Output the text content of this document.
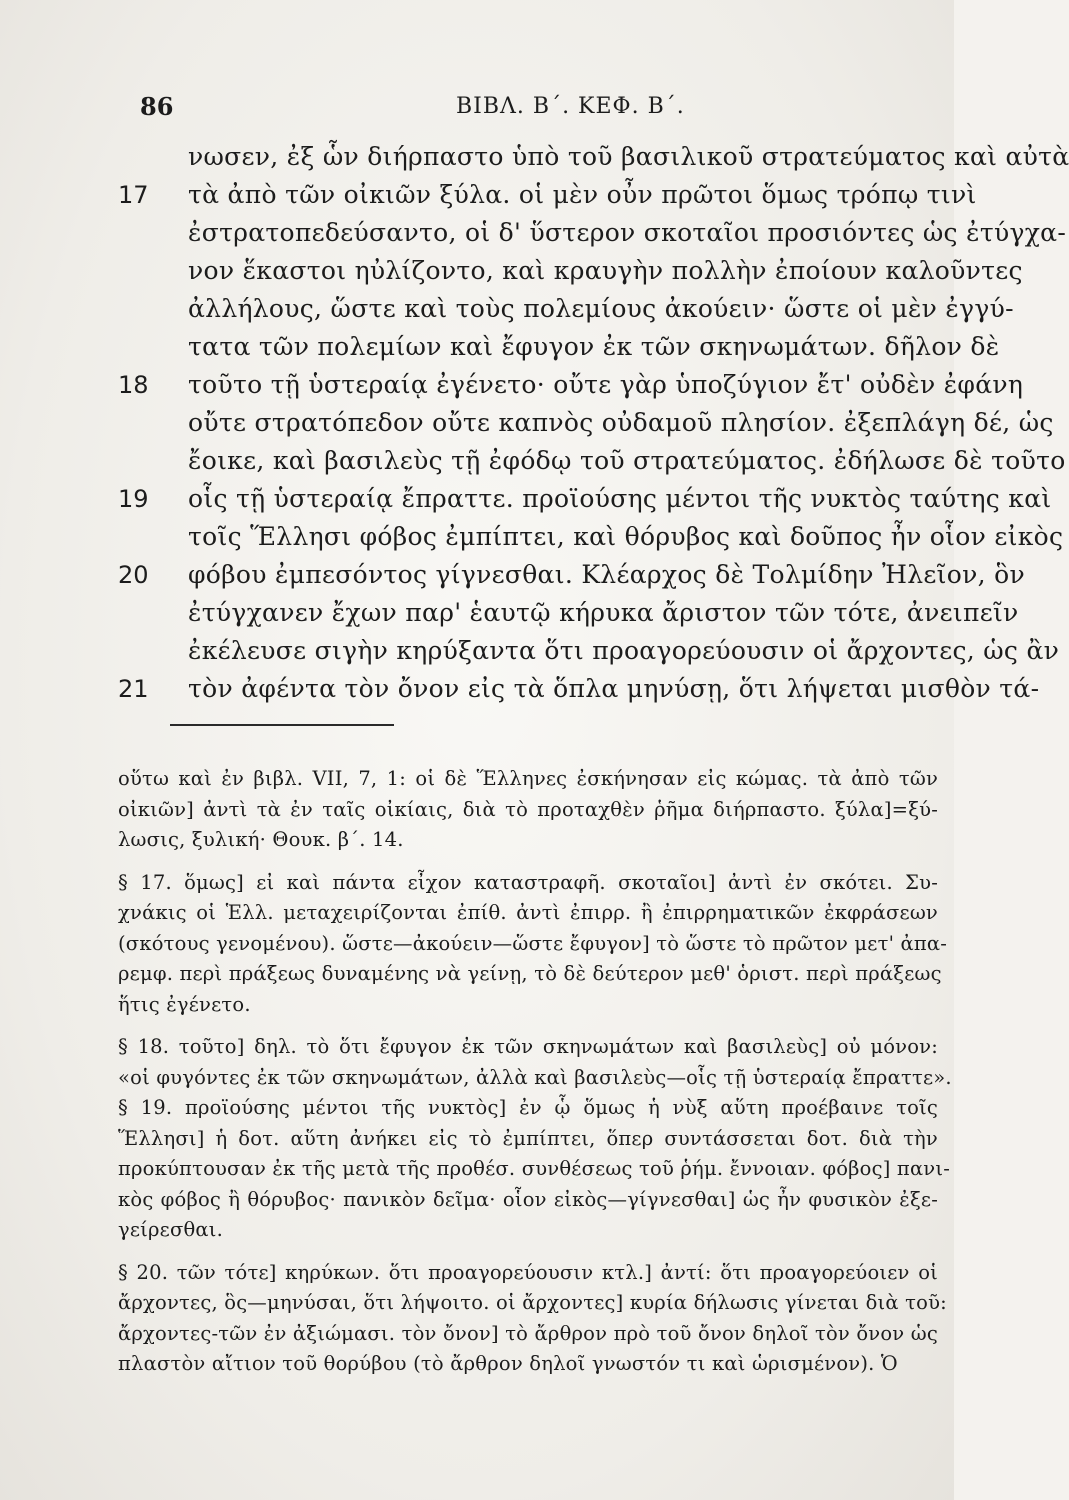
86	ΒΙΒΛ. Β΄. ΚΕΦ. Β΄.
νωσεν, ἐξ ὧν διήρπαστο ὑπὸ τοῦ βασιλικοῦ στρατεύματος καὶ αὐτὰ
17	τὰ ἀπὸ τῶν οἰκιῶν ξύλα. οἱ μὲν οὖν πρῶτοι ὅμως τρόπῳ τινὶ
ἐστρατοπεδεύσαντο, οἱ δ' ὕστερον σκοταῖοι προσιόντες ὡς ἐτύγχα-
νον ἕκαστοι ηὐλίζοντο, καὶ κραυγὴν πολλὴν ἐποίουν καλοῦντες
ἀλλήλους, ὥστε καὶ τοὺς πολεμίους ἀκούειν· ὥστε οἱ μὲν ἐγγύ-
τατα τῶν πολεμίων καὶ ἔφυγον ἐκ τῶν σκηνωμάτων. δῆλον δὲ
18	τοῦτο τῇ ὑστεραίᾳ ἐγένετο· οὔτε γὰρ ὑποζύγιον ἔτ' οὐδὲν ἐφάνη
οὔτε στρατόπεδον οὔτε καπνὸς οὐδαμοῦ πλησίον. ἐξεπλάγη δέ, ὡς
ἔοικε, καὶ βασιλεὺς τῇ ἐφόδῳ τοῦ στρατεύματος. ἐδήλωσε δὲ τοῦτο
19	οἷς τῇ ὑστεραίᾳ ἔπραττε. προϊούσης μέντοι τῆς νυκτὸς ταύτης καὶ
τοῖς Ἕλλησι φόβος ἐμπίπτει, καὶ θόρυβος καὶ δοῦπος ἦν οἷον εἰκὸς
20	φόβου ἐμπεσόντος γίγνεσθαι. Κλέαρχος δὲ Τολμίδην Ἠλεῖον, ὃν
ἐτύγχανεν ἔχων παρ' ἑαυτῷ κήρυκα ἄριστον τῶν τότε, ἀνειπεῖν
ἐκέλευσε σιγὴν κηρύξαντα ὅτι προαγορεύουσιν οἱ ἄρχοντες, ὡς ἂν
21	τὸν ἀφέντα τὸν ὄνον εἰς τὰ ὅπλα μηνύσῃ, ὅτι λήψεται μισθὸν τά-
οὕτω καὶ ἐν βιβλ. VII, 7, 1: οἱ δὲ Ἕλληνες ἐσκήνησαν εἰς κώμας. τὰ ἀπὸ τῶν
οἰκιῶν] ἀντὶ τὰ ἐν ταῖς οἰκίαις, διὰ τὸ προταχθὲν ῥῆμα διήρπαστο. ξύλα]=ξύ-
λωσις, ξυλική· Θουκ. β΄. 14.
§ 17. ὅμως] εἰ καὶ πάντα εἶχον καταστραφῆ. σκοταῖοι] ἀντὶ ἐν σκότει. Συ-
χνάκις οἱ Ἑλλ. μεταχειρίζονται ἐπίθ. ἀντὶ ἐπιρρ. ἢ ἐπιρρηματικῶν ἐκφράσεων
(σκότους γενομένου). ὥστε—ἀκούειν—ὥστε ἔφυγον] τὸ ὥστε τὸ πρῶτον μετ' ἀπα-
ρεμφ. περὶ πράξεως δυναμένης νὰ γείνῃ, τὸ δὲ δεύτερον μεθ' ὁριστ. περὶ πράξεως
ἥτις ἐγένετο.
§ 18. τοῦτο] δηλ. τὸ ὅτι ἔφυγον ἐκ τῶν σκηνωμάτων καὶ βασιλεὺς] οὐ μόνον:
«οἱ φυγόντες ἐκ τῶν σκηνωμάτων, ἀλλὰ καὶ βασιλεὺς—οἷς τῇ ὑστεραίᾳ ἔπραττε».
§ 19. προϊούσης μέντοι τῆς νυκτὸς] ἐν ᾧ ὅμως ἡ νὺξ αὕτη προέβαινε τοῖς
Ἕλλησι] ἡ δοτ. αὕτη ἀνήκει εἰς τὸ ἐμπίπτει, ὅπερ συντάσσεται δοτ. διὰ τὴν
προκύπτουσαν ἐκ τῆς μετὰ τῆς προθέσ. συνθέσεως τοῦ ῥήμ. ἔννοιαν. φόβος] πανι-
κὸς φόβος ἢ θόρυβος· πανικὸν δεῖμα· οἷον εἰκὸς—γίγνεσθαι] ὡς ἦν φυσικὸν ἐξε-
γείρεσθαι.
§ 20. τῶν τότε] κηρύκων. ὅτι προαγορεύουσιν κτλ.] ἀντί: ὅτι προαγορεύοιεν οἱ
ἄρχοντες, ὃς—μηνύσαι, ὅτι λήψοιτο. οἱ ἄρχοντες] κυρία δήλωσις γίνεται διὰ τοῦ:
ἄρχοντες-τῶν ἐν ἀξιώμασι. τὸν ὄνον] τὸ ἄρθρον πρὸ τοῦ ὄνον δηλοῖ τὸν ὄνον ὡς
πλαστὸν αἴτιον τοῦ θορύβου (τὸ ἄρθρον δηλοῖ γνωστόν τι καὶ ὡρισμένον). Ὁ
